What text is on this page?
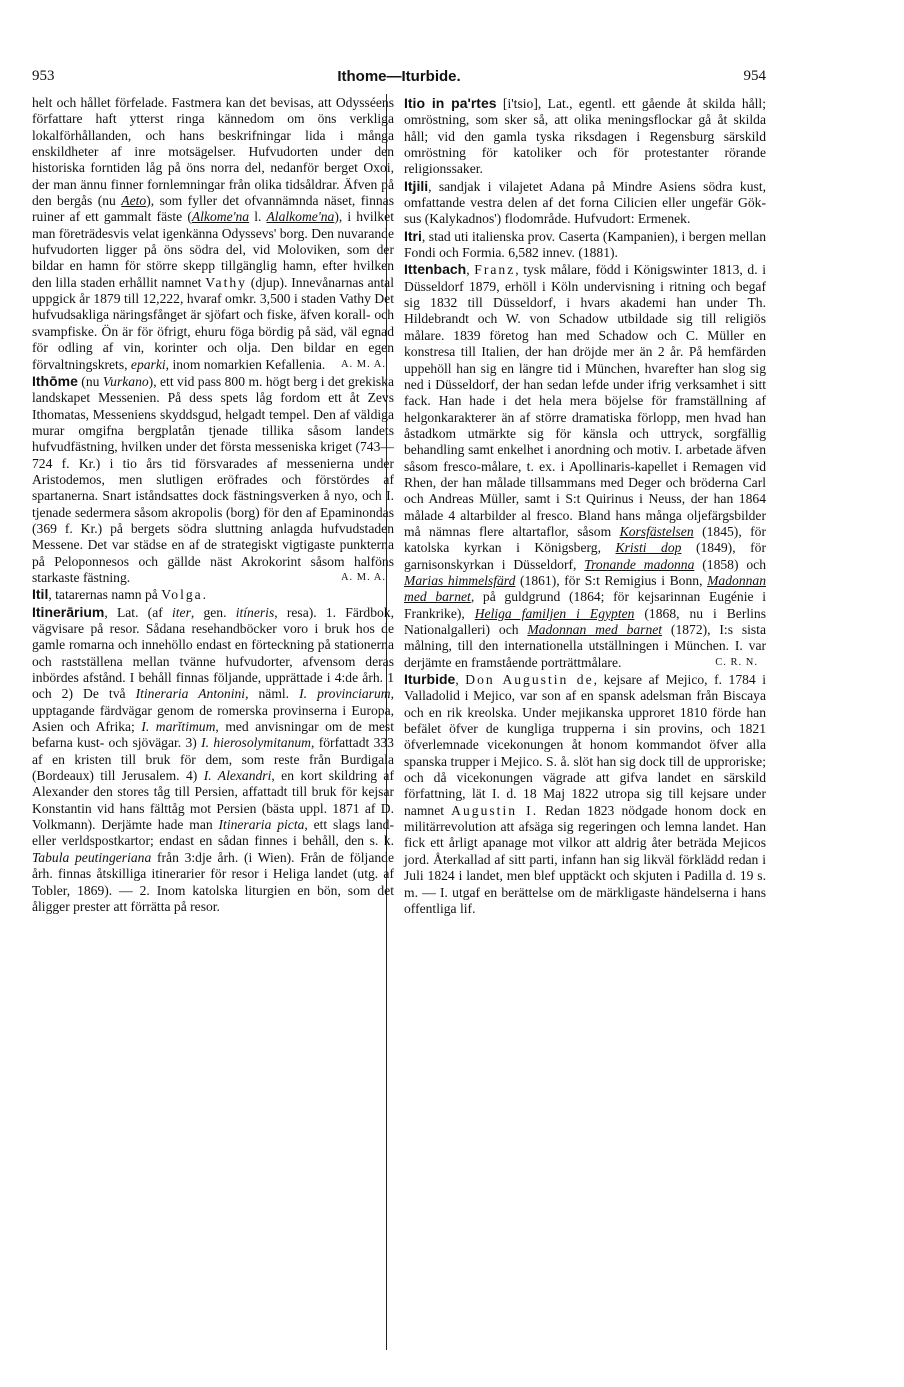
953	Ithome—Iturbide.	954

helt och hållet förfelade. Fastmera kan det bevisas, att Odysséens författare haft ytterst ringa kännedom om öns verkliga lokalförhållanden, och hans beskrifningar lida i många enskildheter af inre motsägelser. Hufvudorten under den historiska forntiden låg på öns norra del, nedanför berget Oxoi, der man ännu finner fornlemningar från olika tidsåldrar. Äfven på den bergås (nu Aeto), som fyller det ofvannämnda näset, finnas ruiner af ett gammalt fäste (Alkome'na l. Alalkome'na), i hvilket man företrädesvis velat igenkänna Odyssevs' borg. Den nuvarande hufvudorten ligger på öns södra del, vid Moloviken, som der bildar en hamn för större skepp tillgänglig hamn, efter hvilken den lilla staden erhållit namnet Vathy (djup). Innevånarnas antal uppgick år 1879 till 12,222, hvaraf omkr. 3,500 i staden Vathy Det hufvudsakliga näringsfånget är sjöfart och fiske, äfven korall- och svampfiske. Ön är för öfrigt, ehuru föga bördig på säd, väl egnad för odling af vin, korinter och olja. Den bildar en egen förvaltningskrets, eparki, inom nomarkien Kefallenia. A. M. A.

Ithōme (nu Vurkano), ett vid pass 800 m. högt berg i det grekiska landskapet Messenien. På dess spets låg fordom ett åt Zevs Ithomatas, Messeniens skyddsgud, helgadt tempel. Den af väldiga murar omgifna bergplatån tjenade tillika såsom landets hufvudfästning, hvilken under det första messeniska kriget (743—724 f. Kr.) i tio års tid försvarades af messenierna under Aristodemos, men slutligen eröfrades och förstördes af spartanerna. Snart iståndsattes dock fästningsverken å nyo, och I. tjenade sedermera såsom akropolis (borg) för den af Epaminondas (369 f. Kr.) på bergets södra sluttning anlagda hufvudstaden Messene. Det var städse en af de strategiskt vigtigaste punkterna på Peloponnesos och gällde näst Akrokorint såsom halföns starkaste fästning.	A. M. A.

Itil, tatarernas namn på Volga.

Itinerārium, Lat. (af iter, gen. itíneris, resa). 1. Färdbok, vägvisare på resor. Sådana resehandböcker voro i bruk hos de gamle romarna och innehöllo endast en förteckning på stationerna och rastställena mellan tvänne hufvudorter, afvensom deras inbördes afstånd. I behåll finnas följande, upprättade i 4:de årh. 1 och 2) De två Itineraria Antonini, näml. I. provinciarum, upptagande färdvägar genom de romerska provinserna i Europa, Asien och Afrika; I. marĭtimum, med anvisningar om de mest befarna kust- och sjövägar. 3) I. hierosolymitanum, författadt 333 af en kristen till bruk för dem, som reste från Burdigala (Bordeaux) till Jerusalem. 4) I. Alexandri, en kort skildring af Alexander den stores tåg till Persien, affattadt till bruk för kejsar Konstantin vid hans fälttåg mot Persien (bästa uppl. 1871 af D. Volkmann). Derjämte hade man Itineraria picta, ett slags land- eller verldspostkartor; endast en sådan finnes i behåll, den s. k. Tabula peutingeriana från 3:dje årh. (i Wien). Från de följande årh. finnas åtskilliga itinerarier för resor i Heliga landet (utg. af Tobler, 1869). — 2. Inom katolska liturgien en bön, som det åligger prester att förrätta på resor.

Itio in pa'rtes [i'tsio], Lat., egentl. ett gående åt skilda håll; omröstning, som sker så, att olika meningsflockar gå åt skilda håll; vid den gamla tyska riksdagen i Regensburg särskild omröstning för katoliker och för protestanter rörande religionssaker.

Itjili, sandjak i vilajetet Adana på Mindre Asiens södra kust, omfattande vestra delen af det forna Cilicien eller ungefär Gök-sus (Kalykadnos') flodområde. Hufvudort: Ermenek.

Itri, stad uti italienska prov. Caserta (Kampanien), i bergen mellan Fondi och Formia. 6,582 innev. (1881).

Ittenbach, Franz, tysk målare, född i Königswinter 1813, d. i Düsseldorf 1879, erhöll i Köln undervisning i ritning och begaf sig 1832 till Düsseldorf, i hvars akademi han under Th. Hildebrandt och W. von Schadow utbildade sig till religiös målare. 1839 företog han med Schadow och C. Müller en konstresa till Italien, der han dröjde mer än 2 år. På hemfärden uppehöll han sig en längre tid i München, hvarefter han slog sig ned i Düsseldorf, der han sedan lefde under ifrig verksamhet i sitt fack. Han hade i det hela mera böjelse för framställning af helgonkarakterer än af större dramatiska förlopp, men hvad han åstadkom utmärkte sig för känsla och uttryck, sorgfällig behandling samt enkelhet i anordning och motiv. I. arbetade äfven såsom fresco-målare, t. ex. i Apollinaris-kapellet i Remagen vid Rhen, der han målade tillsammans med Deger och bröderna Carl och Andreas Müller, samt i S:t Quirinus i Neuss, der han 1864 målade 4 altarbilder al fresco. Bland hans många oljefärgsbilder må nämnas flere altartaflor, såsom Korsfästelsen (1845), för katolska kyrkan i Königsberg, Kristi dop (1849), för garnisonskyrkan i Düsseldorf, Tronande madonna (1858) och Marias himmelsfärd (1861), för S:t Remigius i Bonn, Madonnan med barnet, på guldgrund (1864; för kejsarinnan Eugénie i Frankrike), Heliga familjen i Egypten (1868, nu i Berlins Nationalgalleri) och Madonnan med barnet (1872), I:s sista målning, till den internationella utställningen i München. I. var derjämte en framstående porträttmålare.	C. R. N.

Iturbide, Don Augustin de, kejsare af Mejico, f. 1784 i Valladolid i Mejico, var son af en spansk adelsman från Biscaya och en rik kreolska. Under mejikanska upproret 1810 förde han befälet öfver de kungliga trupperna i sin provins, och 1821 öfverlemnade vicekonungen åt honom kommandot öfver alla spanska trupper i Mejico. S. å. slöt han sig dock till de upproriske; och då vicekonungen vägrade att gifva landet en särskild författning, lät I. d. 18 Maj 1822 utropa sig till kejsare under namnet Augustin I. Redan 1823 nödgade honom dock en militärrevolution att afsäga sig regeringen och lemna landet. Han fick ett årligt apanage mot vilkor att aldrig åter beträda Mejicos jord. Återkallad af sitt parti, infann han sig likväl förklädd redan i Juli 1824 i landet, men blef upptäckt och skjuten i Padilla d. 19 s. m. — I. utgaf en berättelse om de märkligaste händelserna i hans offentliga lif.
